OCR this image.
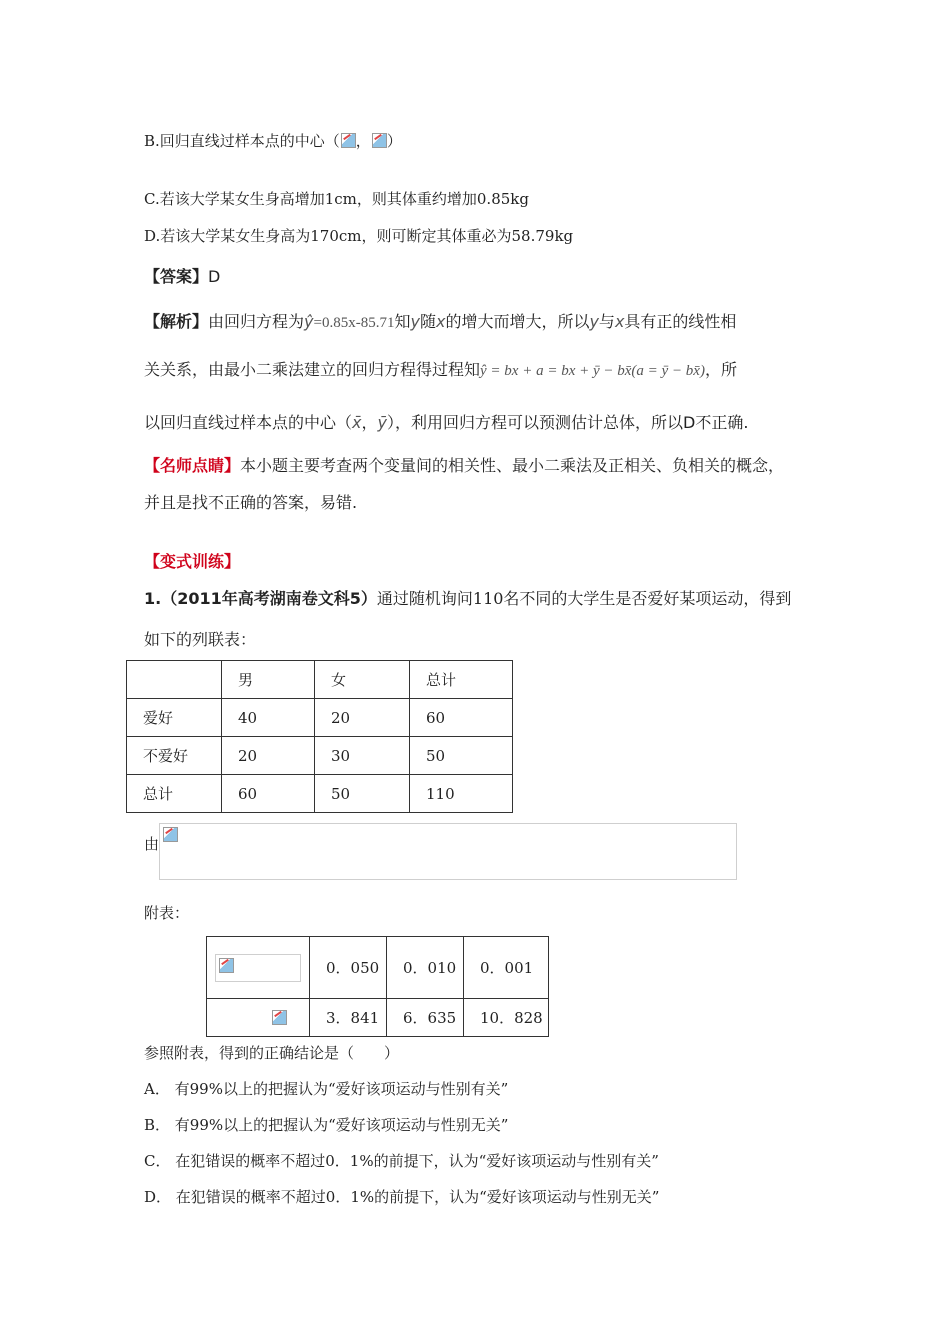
B.回归直线过样本点的中心（ ， ）
C.若该大学某女生身高增加1cm，则其体重约增加0.85kg
D.若该大学某女生身高为170cm，则可断定其体重必为58.79kg
【答案】D
【解析】由回归方程为ŷ=0.85x-85.71知y随x的增大而增大，所以y与x具有正的线性相
关关系，由最小二乘法建立的回归方程得过程知ŷ = bx + a = bx + ȳ − bx̄(a = ȳ − bx̄)，所
以回归直线过样本点的中心（x̄，ȳ），利用回归方程可以预测估计总体，所以D不正确.
【名师点睛】本小题主要考查两个变量间的相关性、最小二乘法及正相关、负相关的概念，
并且是找不正确的答案，易错.
【变式训练】
1.（2011年高考湖南卷文科5）通过随机询问110名不同的大学生是否爱好某项运动，得到
如下的列联表：
	男	女	总计
爱好	40	20	60
不爱好	20	30	50
总计	60	50	110
由
附表：
	0．050	0．010	0．001
	3．841	6．635	10．828
参照附表，得到的正确结论是（　　）
A． 有99%以上的把握认为“爱好该项运动与性别有关”
B． 有99%以上的把握认为“爱好该项运动与性别无关”
C． 在犯错误的概率不超过0．1%的前提下，认为“爱好该项运动与性别有关”
D． 在犯错误的概率不超过0．1%的前提下，认为“爱好该项运动与性别无关”
